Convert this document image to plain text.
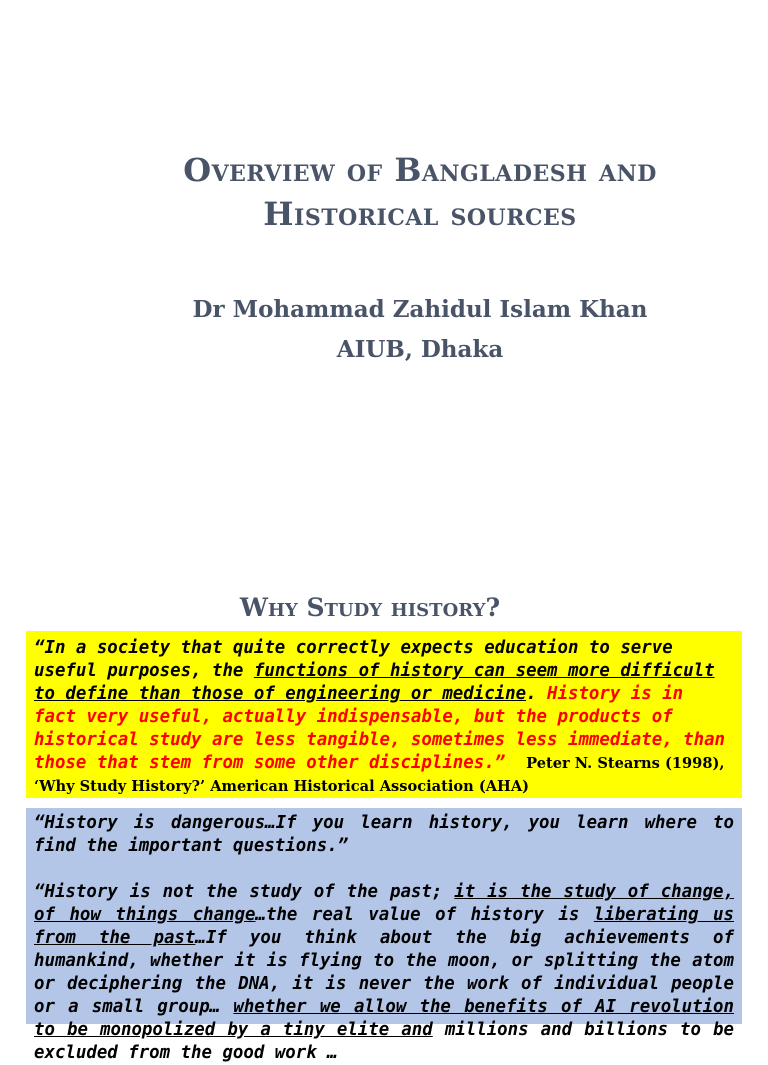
Overview of Bangladesh and
Historical sources
Dr Mohammad Zahidul Islam Khan
AIUB, Dhaka
Why Study history?
“In a society that quite correctly expects education to serve useful purposes, the functions of history can seem more difficult to define than those of engineering or medicine. History is in fact very useful, actually indispensable, but the products of historical study are less tangible, sometimes less immediate, than those that stem from some other disciplines.” Peter N. Stearns (1998), ‘Why Study History?’ American Historical Association (AHA)

“History is dangerous…If you learn history, you learn where to find the important questions.”

“History is not the study of the past; it is the study of change, of how things change…the real value of history is liberating us from the past…If you think about the big achievements of humankind, whether it is flying to the moon, or splitting the atom or deciphering the DNA, it is never the work of individual people or a small group… whether we allow the benefits of AI revolution to be monopolized by a tiny elite and millions and billions to be excluded from the good work …
